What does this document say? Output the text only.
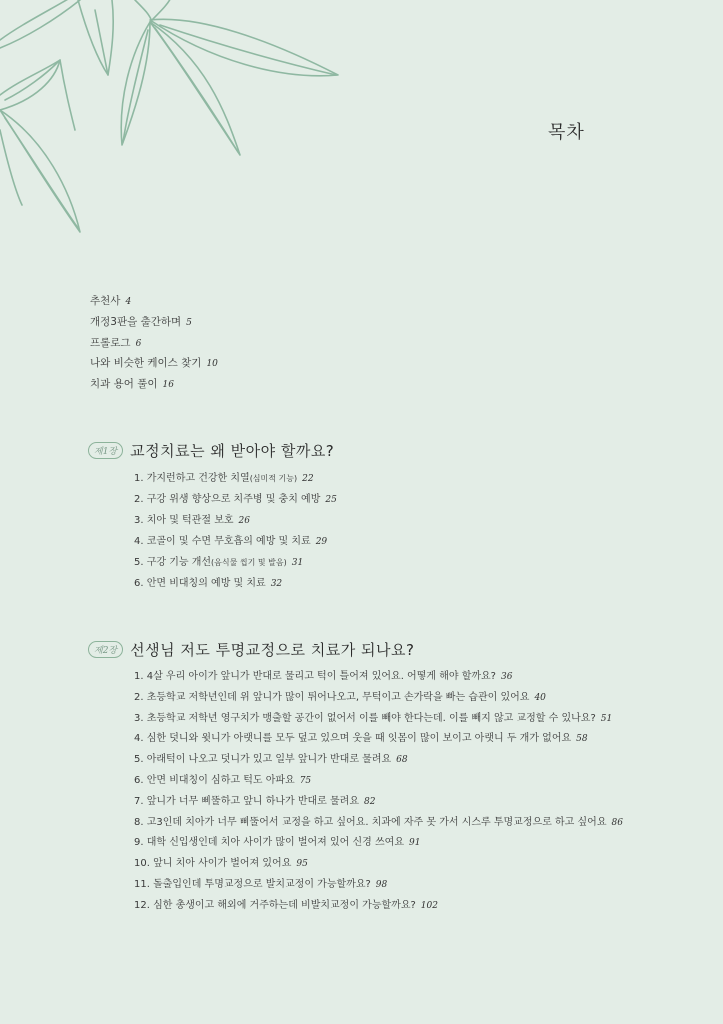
목차
추천사 4
개정3판을 출간하며 5
프롤로그 6
나와 비슷한 케이스 찾기 10
치과 용어 풀이 16
제1장 교정치료는 왜 받아야 할까요?
1. 가지런하고 건강한 치열(심미적 기능) 22
2. 구강 위생 향상으로 치주병 및 충치 예방 25
3. 치아 및 턱관절 보호 26
4. 코골이 및 수면 무호흡의 예방 및 치료 29
5. 구강 기능 개선(음식물 씹기 및 발음) 31
6. 안면 비대칭의 예방 및 치료 32
제2장 선생님 저도 투명교정으로 치료가 되나요?
1. 4살 우리 아이가 앞니가 반대로 물리고 턱이 틀어져 있어요. 어떻게 해야 할까요? 36
2. 초등학교 저학년인데 위 앞니가 많이 튀어나오고, 무턱이고 손가락을 빠는 습관이 있어요 40
3. 초등학교 저학년 영구치가 맹출할 공간이 없어서 이를 빼야 한다는데. 이를 빼지 않고 교정할 수 있나요? 51
4. 심한 덧니와 윗니가 아랫니를 모두 덮고 있으며 웃을 때 잇몸이 많이 보이고 아랫니 두 개가 없어요 58
5. 아래턱이 나오고 덧니가 있고 일부 앞니가 반대로 물려요 68
6. 안면 비대칭이 심하고 턱도 아파요 75
7. 앞니가 너무 삐뚤하고 앞니 하나가 반대로 물려요 82
8. 고3인데 치아가 너무 삐뚤어서 교정을 하고 싶어요. 치과에 자주 못 가서 시스루 투명교정으로 하고 싶어요 86
9. 대학 신입생인데 치아 사이가 많이 벌어져 있어 신경 쓰여요 91
10. 앞니 치아 사이가 벌어져 있어요 95
11. 돌출입인데 투명교정으로 발치교정이 가능할까요? 98
12. 심한 총생이고 해외에 거주하는데 비발치교정이 가능할까요? 102
